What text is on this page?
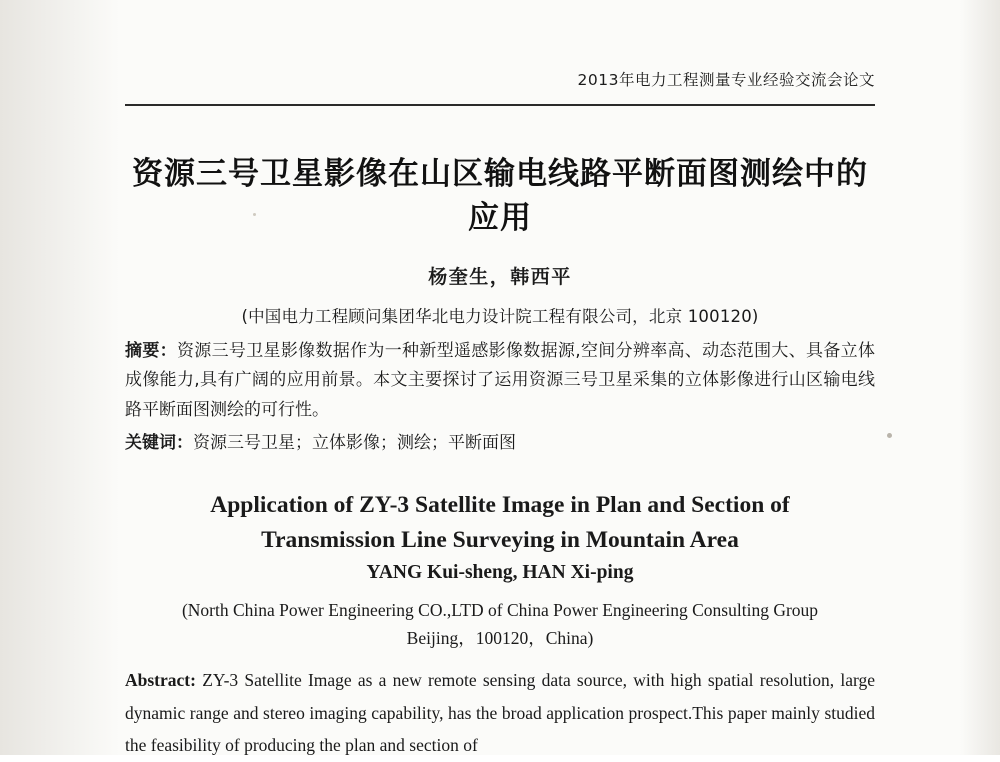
2013年电力工程测量专业经验交流会论文
资源三号卫星影像在山区输电线路平断面图测绘中的应用
杨奎生，韩西平
(中国电力工程顾问集团华北电力设计院工程有限公司，北京 100120)
摘要：资源三号卫星影像数据作为一种新型遥感影像数据源,空间分辨率高、动态范围大、具备立体成像能力,具有广阔的应用前景。本文主要探讨了运用资源三号卫星采集的立体影像进行山区输电线路平断面图测绘的可行性。
关键词：资源三号卫星；立体影像；测绘；平断面图
Application of ZY-3 Satellite Image in Plan and Section of
Transmission Line Surveying in Mountain Area
YANG Kui-sheng, HAN Xi-ping
(North China Power Engineering CO.,LTD of China Power Engineering Consulting Group
Beijing，100120，China)
Abstract: ZY-3 Satellite Image as a new remote sensing data source, with high spatial resolution, large dynamic range and stereo imaging capability, has the broad application prospect.This paper mainly studied the feasibility of producing the plan and section of
